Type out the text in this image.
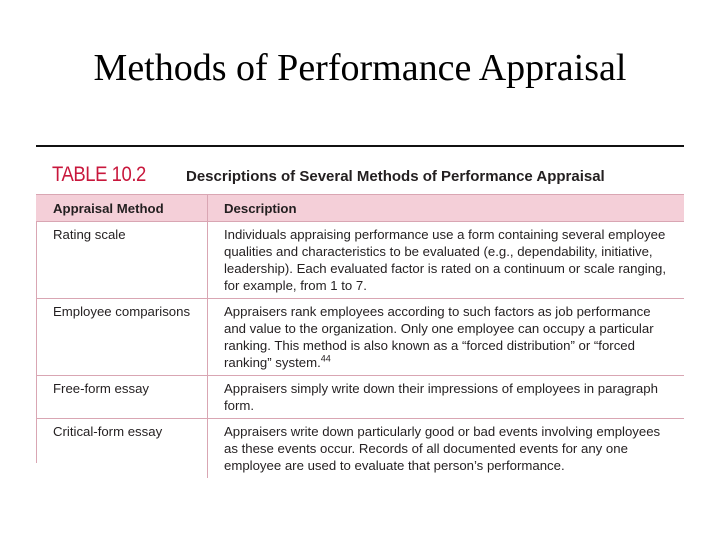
Methods of Performance Appraisal
TABLE 10.2	Descriptions of Several Methods of Performance Appraisal
Appraisal Method	Description
Rating scale	Individuals appraising performance use a form containing several employee qualities and characteristics to be evaluated (e.g., dependability, initiative, leadership). Each evaluated factor is rated on a continuum or scale ranging, for example, from 1 to 7.
Employee comparisons	Appraisers rank employees according to such factors as job performance and value to the organization. Only one employee can occupy a particular ranking. This method is also known as a “forced distribution” or “forced ranking” system.$^{44}$
Free-form essay	Appraisers simply write down their impressions of employees in paragraph form.
Critical-form essay	Appraisers write down particularly good or bad events involving employees as these events occur. Records of all documented events for any one employee are used to evaluate that person’s performance.
